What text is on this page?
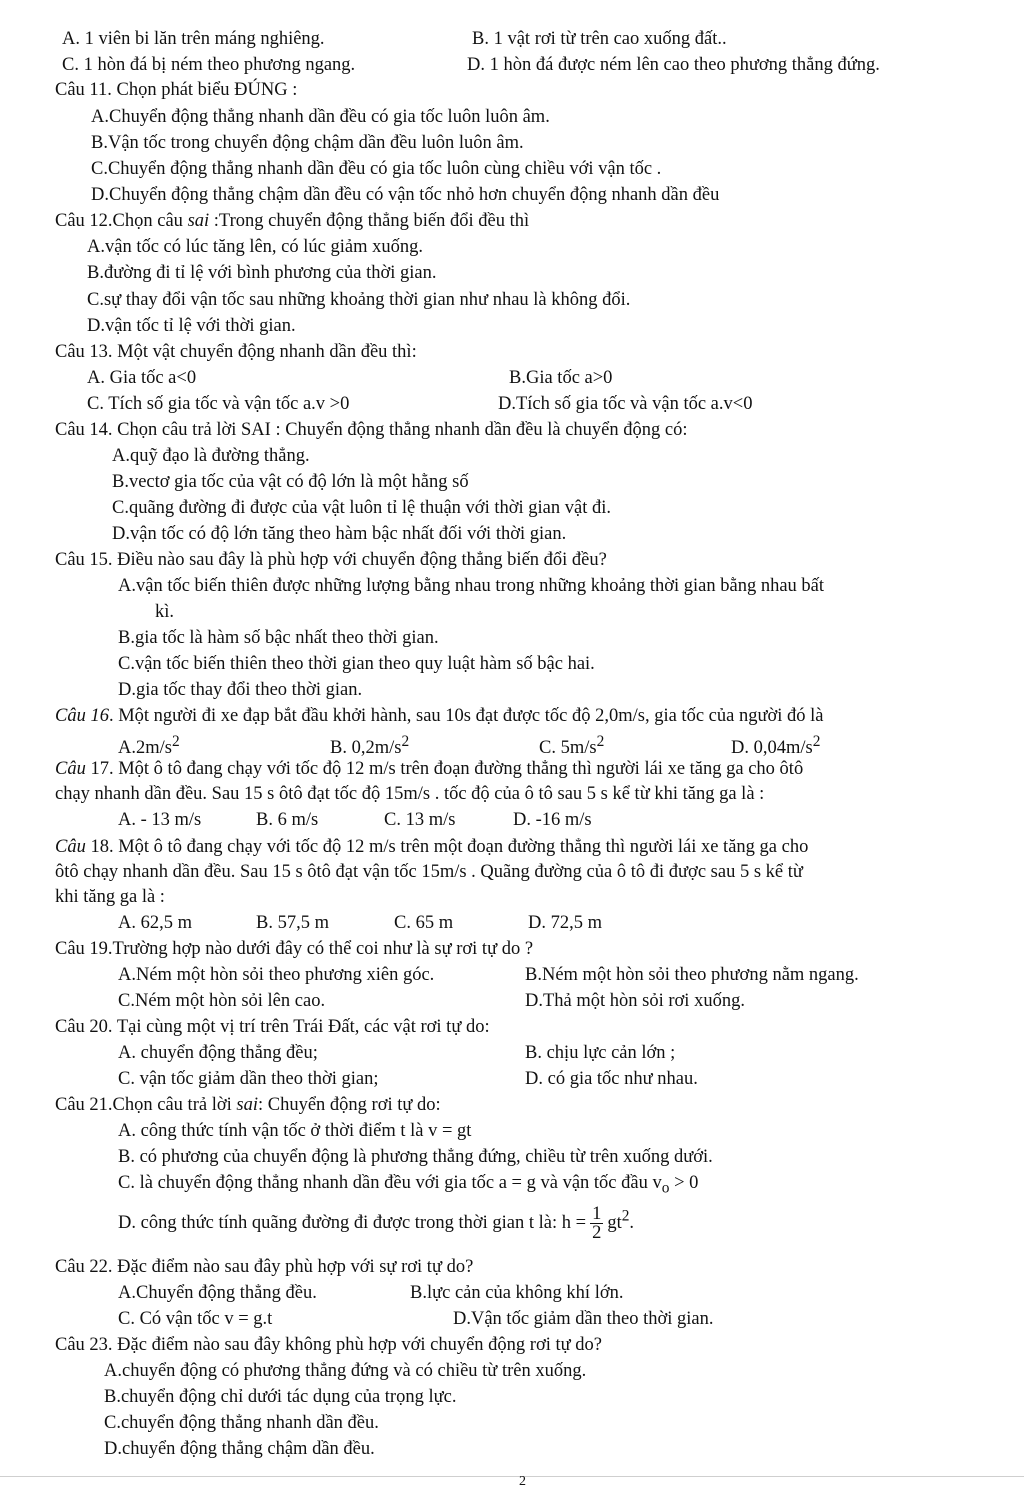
A. 1 viên bi lăn trên máng nghiêng.	B. 1 vật rơi từ trên cao xuống đất..
C. 1 hòn đá bị ném theo phương ngang.	D. 1 hòn đá được ném lên cao theo phương thẳng đứng.
Câu 11. Chọn phát biểu ĐÚNG :
A.Chuyển động thẳng nhanh dần đều có gia tốc luôn luôn âm.
B.Vận tốc trong chuyển động chậm dần đều luôn luôn âm.
C.Chuyển động thẳng nhanh dần đều có gia tốc luôn cùng chiều với vận tốc .
D.Chuyển động thẳng chậm dần đều có vận tốc nhỏ hơn chuyển động nhanh dần đều
Câu 12.Chọn câu sai :Trong chuyển động thẳng biến đổi đều thì
A.vận tốc có lúc tăng lên, có lúc giảm xuống.
B.đường đi tỉ lệ với bình phương của thời gian.
C.sự thay đổi vận tốc sau những khoảng thời gian như nhau là không đổi.
D.vận tốc tỉ lệ với thời gian.
Câu 13. Một vật chuyển động nhanh dần đều thì:
A. Gia tốc a<0	B.Gia tốc a>0
C. Tích số gia tốc và vận tốc a.v >0	D.Tích số gia tốc và vận tốc a.v<0
Câu 14. Chọn câu trả lời SAI : Chuyển động thẳng nhanh dần đều là chuyển động có:
A.quỹ đạo là đường thẳng.
B.vectơ gia tốc của vật có độ lớn là một hằng số
C.quãng đường đi được của vật luôn tỉ lệ thuận với thời gian vật đi.
D.vận tốc có độ lớn tăng theo hàm bậc nhất đối với thời gian.
Câu 15. Điều nào sau đây là phù hợp với chuyển động thẳng biến đổi đều?
A.vận tốc biến thiên được những lượng bằng nhau trong những khoảng thời gian bằng nhau bất
kì.
B.gia tốc là hàm số bậc nhất theo thời gian.
C.vận tốc biến thiên theo thời gian theo quy luật hàm số bậc hai.
D.gia tốc thay đổi theo thời gian.
Câu 16. Một người đi xe đạp bắt đầu khởi hành, sau 10s đạt được tốc độ 2,0m/s, gia tốc của người đó là
$A.2m/s^2$	B. $0,2m/s^2$	C. $5m/s^2$	D. $0,04m/s^2$
Câu 17. Một ô tô đang chạy với tốc độ 12 m/s trên đoạn đường thẳng thì người lái xe tăng ga cho ôtô
chạy nhanh dần đều. Sau 15 s ôtô đạt tốc độ 15m/s . tốc độ của ô tô sau 5 s kể từ khi tăng ga là :
A. - 13 m/s	B. 6 m/s	C. 13 m/s	D. -16 m/s
Câu 18. Một ô tô đang chạy với tốc độ 12 m/s trên một đoạn đường thẳng thì người lái xe tăng ga cho
ôtô chạy nhanh dần đều. Sau 15 s ôtô đạt vận tốc 15m/s . Quãng đường của ô tô đi được sau 5 s kể từ
khi tăng ga là :
A. 62,5 m	B. 57,5 m	C. 65 m	D. 72,5 m
Câu 19.Trường hợp nào dưới đây có thể coi như là sự rơi tự do ?
A.Ném một hòn sỏi theo phương xiên góc.	B.Ném một hòn sỏi theo phương nằm ngang.
C.Ném một hòn sỏi lên cao.	D.Thả một hòn sỏi rơi xuống.
Câu 20. Tại cùng một vị trí trên Trái Đất, các vật rơi tự do:
A. chuyển động thẳng đều;	B. chịu lực cản lớn ;
C. vận tốc giảm dần theo thời gian;	D. có gia tốc như nhau.
Câu 21.Chọn câu trả lời sai: Chuyển động rơi tự do:
A. công thức tính vận tốc ở thời điểm t là v = gt
B. có phương của chuyển động là phương thẳng đứng, chiều từ trên xuống dưới.
C. là chuyển động thẳng nhanh dần đều với gia tốc a = g và vận tốc đầu $v_o > 0$
D. công thức tính quãng đường đi được trong thời gian t là: $h = \frac{1}{2} gt^2$.
Câu 22. Đặc điểm nào sau đây phù hợp với sự rơi tự do?
A.Chuyển động thẳng đều.	B.lực cản của không khí lớn.
C. Có vận tốc v = g.t	D.Vận tốc giảm dần theo thời gian.
Câu 23. Đặc điểm nào sau đây không phù hợp với chuyển động rơi tự do?
A.chuyển động có phương thẳng đứng và có chiều từ trên xuống.
B.chuyển động chỉ dưới tác dụng của trọng lực.
C.chuyển động thẳng nhanh dần đều.
D.chuyển động thẳng chậm dần đều.
2
